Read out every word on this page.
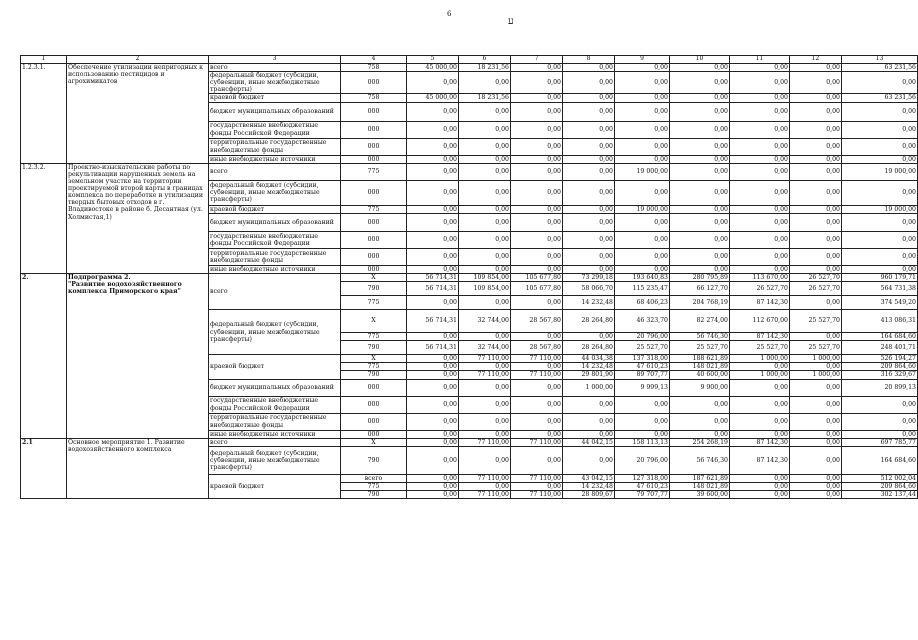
6
ע
1	2	3	4	5	6	7	8	9	10	11	12	13
1.2.3.1.	Обеспечение утилизации непригодных к использованию пестицидов и агрохимикатов	всего	758	45 000,00	18 231,56	0,00	0,00	0,00	0,00	0,00	0,00	63 231,56
		федеральный бюджет (субсидии, субвенции, иные межбюджетные трансферты)	000	0,00	0,00	0,00	0,00	0,00	0,00	0,00	0,00	0,00
		краевой бюджет	758	45 000,00	18 231,56	0,00	0,00	0,00	0,00	0,00	0,00	63 231,56
		бюджет муниципальных образований	000	0,00	0,00	0,00	0,00	0,00	0,00	0,00	0,00	0,00
		государственные внебюджетные фонды Российской Федерации	000	0,00	0,00	0,00	0,00	0,00	0,00	0,00	0,00	0,00
		территориальные государственные внебюджетные фонды	000	0,00	0,00	0,00	0,00	0,00	0,00	0,00	0,00	0,00
		иные внебюджетные источники	000	0,00	0,00	0,00	0,00	0,00	0,00	0,00	0,00	0,00
1.2.3.2.	Проектно-изыскательские работы по рекультивации нарушенных земель на земельном участке на территории проектируемой второй карты в границах комплекса по переработке и утилизации твердых бытовых отходов в г. Владивостоке в районе б. Десантная (ул. Холмистая,1)	всего	775	0,00	0,00	0,00	0,00	19 000,00	0,00	0,00	0,00	19 000,00
		федеральный бюджет (субсидии, субвенции, иные межбюджетные трансферты)	000	0,00	0,00	0,00	0,00	0,00	0,00	0,00	0,00	0,00
		краевой бюджет	775	0,00	0,00	0,00	0,00	19 000,00	0,00	0,00	0,00	19 000,00
		бюджет муниципальных образований	000	0,00	0,00	0,00	0,00	0,00	0,00	0,00	0,00	0,00
		государственные внебюджетные фонды Российской Федерации	000	0,00	0,00	0,00	0,00	0,00	0,00	0,00	0,00	0,00
		территориальные государственные внебюджетные фонды	000	0,00	0,00	0,00	0,00	0,00	0,00	0,00	0,00	0,00
		иные внебюджетные источники	000	0,00	0,00	0,00	0,00	0,00	0,00	0,00	0,00	0,00
2.	Подпрограмма 2.
"Развитие водохозяйственного комплекса Приморского края"	всего	X	56 714,31	109 854,00	105 677,80	73 299,18	193 640,83	280 795,89	113 670,00	26 527,70	960 179,71
			790	56 714,31	109 854,00	105 677,80	58 066,70	115 235,47	66 127,70	26 527,70	26 527,70	564 731,38
			775	0,00	0,00	0,00	14 232,48	68 406,23	204 768,19	87 142,30	0,00	374 549,20
		федеральный бюджет (субсидии, субвенции, иные межбюджетные трансферты)	X	56 714,31	32 744,00	28 567,80	28 264,80	46 323,70	82 274,00	112 670,00	25 527,70	413 086,31
			775	0,00	0,00	0,00	0,00	20 796,00	56 746,30	87 142,30	0,00	164 684,60
			790	56 714,31	32 744,00	28 567,80	28 264,80	25 527,70	25 527,70	25 527,70	25 527,70	248 401,71
		краевой бюджет	X	0,00	77 110,00	77 110,00	44 034,38	137 318,00	188 621,89	1 000,00	1 000,00	526 194,27
			775	0,00	0,00	0,00	14 232,48	47 610,23	148 021,89	0,00	0,00	209 864,60
			790	0,00	77 110,00	77 110,00	29 801,90	89 707,77	40 600,00	1 000,00	1 000,00	316 329,67
		бюджет муниципальных образований	000	0,00	0,00	0,00	1 000,00	9 999,13	9 900,00	0,00	0,00	20 899,13
		государственные внебюджетные фонды Российской Федерации	000	0,00	0,00	0,00	0,00	0,00	0,00	0,00	0,00	0,00
		территориальные государственные внебюджетные фонды	000	0,00	0,00	0,00	0,00	0,00	0,00	0,00	0,00	0,00
		иные внебюджетные источники	000	0,00	0,00	0,00	0,00	0,00	0,00	0,00	0,00	0,00
2.1	Основное мероприятие 1. Развитие водохозяйственного комплекса	всего	X	0,00	77 110,00	77 110,00	44 042,15	158 113,13	254 268,19	87 142,30	0,00	697 785,77
		федеральный бюджет (субсидии, субвенции, иные межбюджетные трансферты)	790	0,00	0,00	0,00	0,00	20 796,00	56 746,30	87 142,30	0,00	164 684,60
		краевой бюджет	всего	0,00	77 110,00	77 110,00	43 042,15	127 318,00	187 621,89	0,00	0,00	512 002,04
			775	0,00	0,00	0,00	14 232,48	47 610,23	148 021,89	0,00	0,00	209 864,60
			790	0,00	77 110,00	77 110,00	28 809,67	79 707,77	39 600,00	0,00	0,00	302 137,44
